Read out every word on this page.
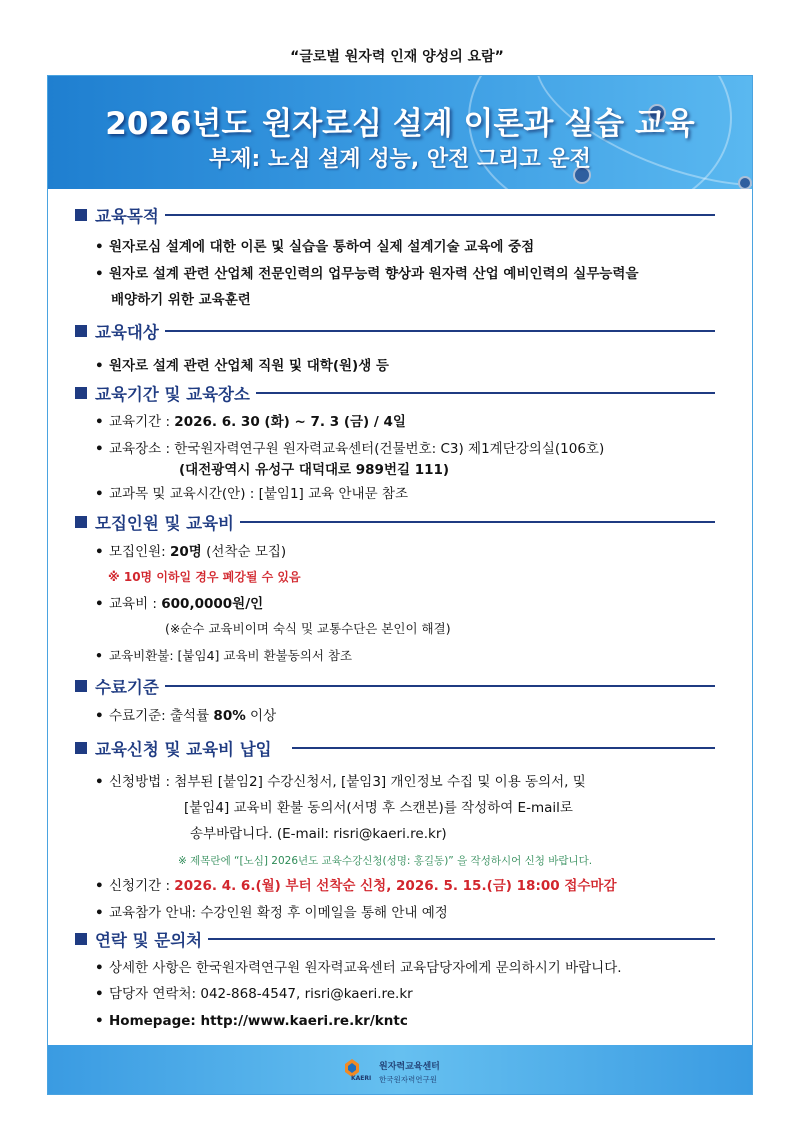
“글로벌 원자력 인재 양성의 요람”
2026년도 원자로심 설계 이론과 실습 교육
부제: 노심 설계 성능, 안전 그리고 운전
교육목적
• 원자로심 설계에 대한 이론 및 실습을 통하여 실제 설계기술 교육에 중점
• 원자로 설계 관련 산업체 전문인력의 업무능력 향상과 원자력 산업 예비인력의 실무능력을
배양하기 위한 교육훈련
교육대상
• 원자로 설계 관련 산업체 직원 및 대학(원)생 등
교육기간 및 교육장소
• 교육기간 : 2026. 6. 30 (화) ~ 7. 3 (금) / 4일
• 교육장소 : 한국원자력연구원 원자력교육센터(건물번호: C3) 제1계단강의실(106호)
(대전광역시 유성구 대덕대로 989번길 111)
• 교과목 및 교육시간(안) : [붙임1] 교육 안내문 참조
모집인원 및 교육비
• 모집인원: 20명 (선착순 모집)
※ 10명 이하일 경우 폐강될 수 있음
• 교육비 : 600,0000원/인
(※순수 교육비이며 숙식 및 교통수단은 본인이 해결)
• 교육비환불: [붙임4] 교육비 환불동의서 참조
수료기준
• 수료기준: 출석률 80% 이상
교육신청 및 교육비 납입
• 신청방법 : 첨부된 [붙임2] 수강신청서, [붙임3] 개인정보 수집 및 이용 동의서, 및
[붙임4] 교육비 환불 동의서(서명 후 스캔본)를 작성하여 E-mail로
송부바랍니다. (E-mail: risri@kaeri.re.kr)
※ 제목란에 “[노심] 2026년도 교육수강신청(성명: 홍길동)” 을 작성하시어 신청 바랍니다.
• 신청기간 : 2026. 4. 6.(월) 부터 선착순 신청, 2026. 5. 15.(금) 18:00 접수마감
• 교육참가 안내: 수강인원 확정 후 이메일을 통해 안내 예정
연락 및 문의처
• 상세한 사항은 한국원자력연구원 원자력교육센터 교육담당자에게 문의하시기 바랍니다.
• 담당자 연락처: 042-868-4547, risri@kaeri.re.kr
• Homepage: http://www.kaeri.re.kr/kntc
KAERI
원자력교육센터
한국원자력연구원
